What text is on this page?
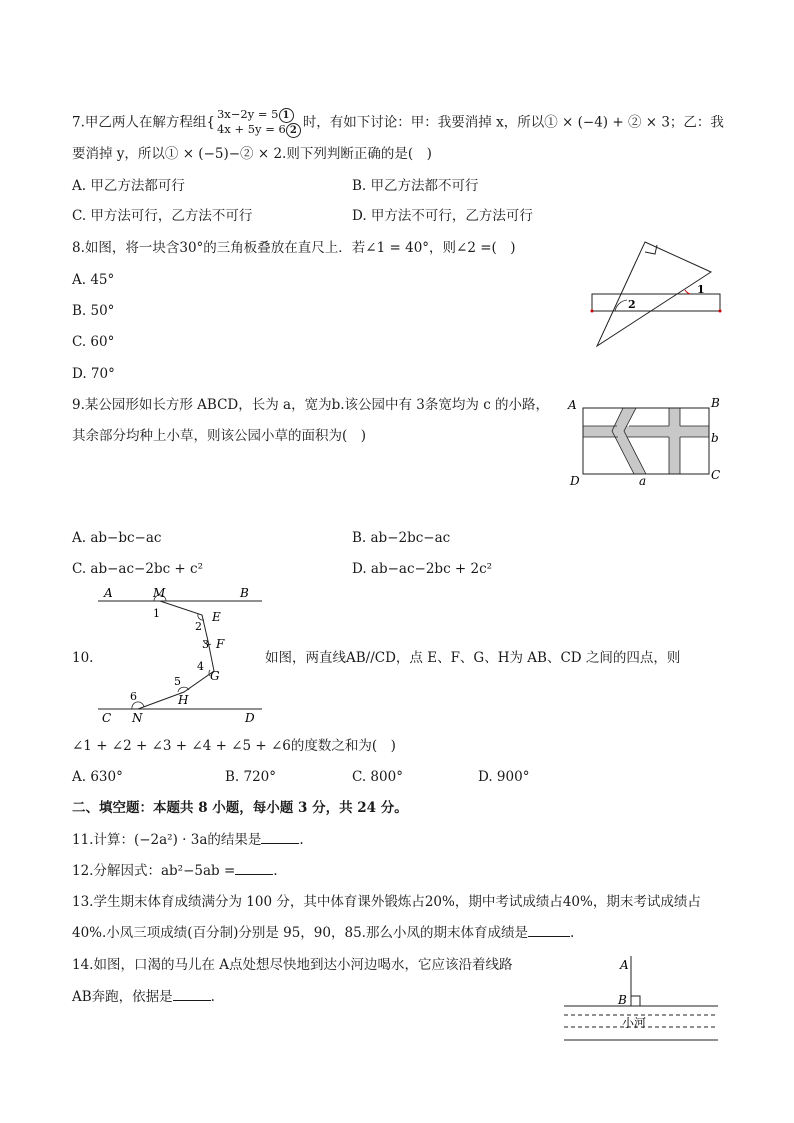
7.甲乙两人在解方程组{
3x−2y = 5 1
4x + 5y = 6 2 时，有如下讨论：甲：我要消掉 x，所以① × (−4) + ② × 3；乙：我
要消掉 y，所以① × (−5)−② × 2.则下列判断正确的是(　)
A. 甲乙方法都可行	B. 甲乙方法都不可行
C. 甲方法可行，乙方法不可行	D. 甲方法不可行，乙方法可行
8.如图，将一块含30°的三角板叠放在直尺上．若∠1 = 40°，则∠2 =(　)
A. 45°
B. 50°
C. 60°
D. 70°
1
2
9.某公园形如长方形 ABCD，长为 a，宽为b.该公园中有 3条宽均为 c 的小路，
其余部分均种上小草，则该公园小草的面积为(　)
A	B
b
C
D	a
A. ab−bc−ac	B. ab−2bc−ac
C. ab−ac−2bc + c²	D. ab−ac−2bc + 2c²
A	M	B
1	E
2
3 F
4
G
5
H
6
C N	D
10.	如图，两直线AB//CD，点 E、F、G、H为 AB、CD 之间的四点，则
∠1 + ∠2 + ∠3 + ∠4 + ∠5 + ∠6的度数之和为(　)
A. 630°	B. 720°	C. 800°	D. 900°
二、填空题：本题共 8 小题，每小题 3 分，共 24 分。
11.计算：(−2a²) · 3a的结果是	.
12.分解因式：ab²−5ab =	.
13.学生期末体育成绩满分为 100 分，其中体育课外锻炼占20%，期中考试成绩占40%，期末考试成绩占
40%.小凤三项成绩(百分制)分别是 95，90，85.那么小凤的期末体育成绩是	.
14.如图，口渴的马儿在 A点处想尽快地到达小河边喝水，它应该沿着线路
AB奔跑，依据是	.
A
B
小河
